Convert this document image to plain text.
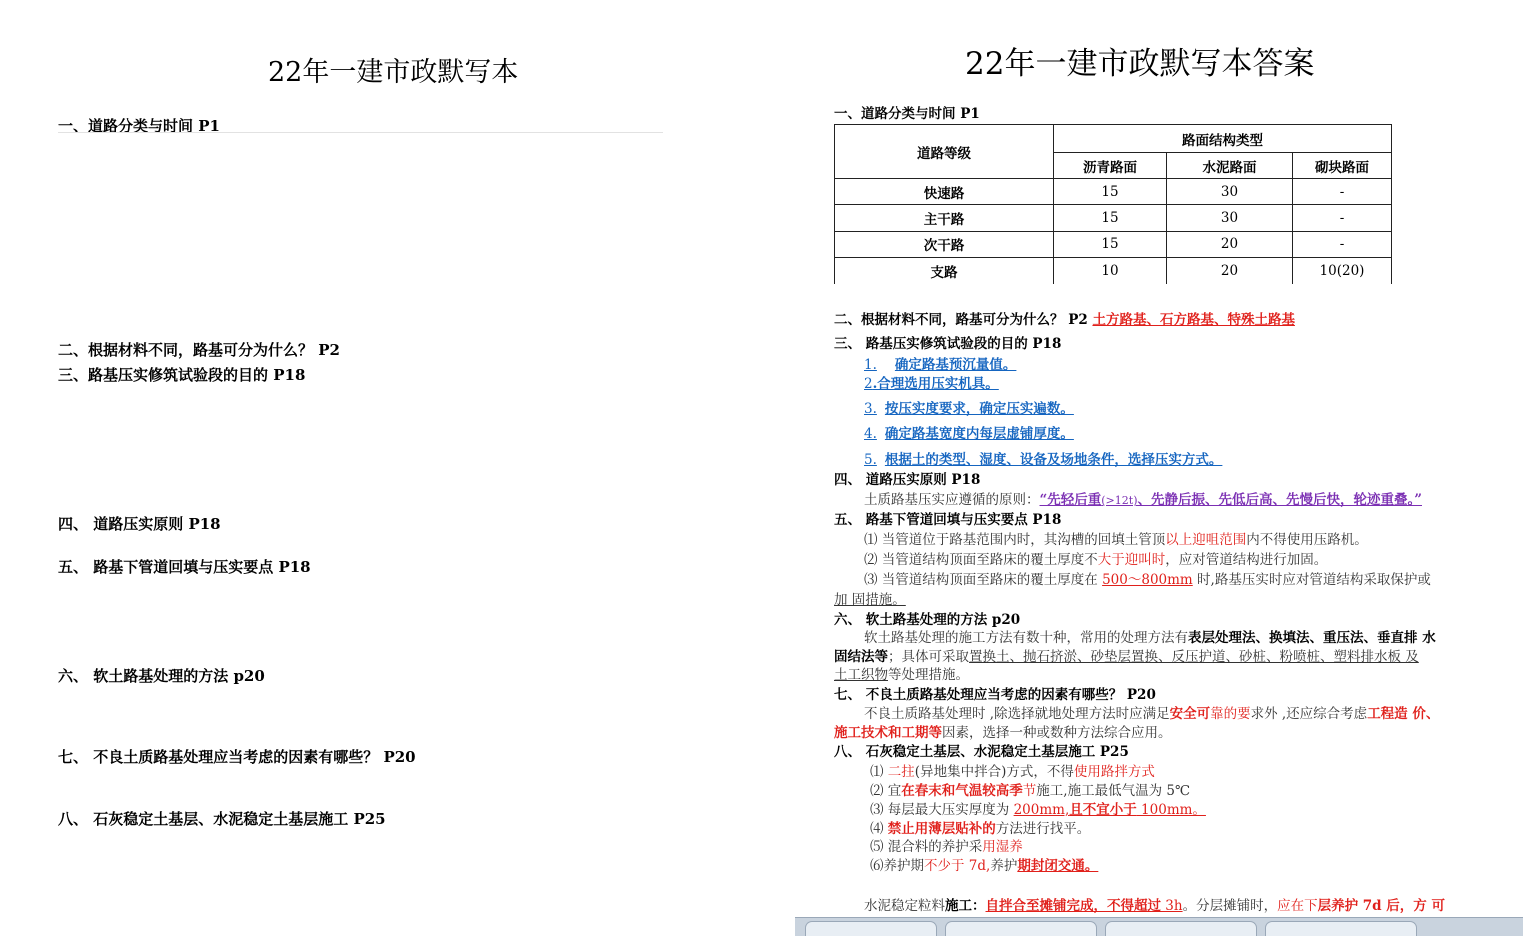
22年一建市政默写本
一、道路分类与时间 P1
二、根据材料不同，路基可分为什么？ P2
三、路基压实修筑试验段的目的 P18
四、 道路压实原则 P18
五、 路基下管道回填与压实要点 P18
六、 软土路基处理的方法 p20
七、 不良土质路基处理应当考虑的因素有哪些？ P20
八、 石灰稳定土基层、水泥稳定土基层施工 P25
22年一建市政默写本答案
一、道路分类与时间 P1
道路等级	路面结构类型		
	沥青路面	水泥路面	砌块路面
快速路	15	30	-
主干路	15	30	-
次干路	15	20	-
支路	10	20	10(20)
二、根据材料不同，路基可分为什么？ P2 土方路基、石方路基、特殊土路基
三、 路基压实修筑试验段的目的 P18
1. 确定路基预沉量值。
2.合理选用压实机具。
3. 按压实度要求，确定压实遍数。
4. 确定路基宽度内每层虚铺厚度。
5. 根据土的类型、湿度、设备及场地条件，选择压实方式。
四、 道路压实原则 P18
土质路基压实应遵循的原则：“先轻后重(>12t)、先静后振、先低后高、先慢后快，轮迹重叠。”
五、 路基下管道回填与压实要点 P18
⑴ 当管道位于路基范围内时，其沟槽的回填土管顶以上迎咀范围内不得使用压路机。
⑵ 当管道结构顶面至路床的覆土厚度不大于迎叫时，应对管道结构进行加固。
⑶ 当管道结构顶面至路床的覆土厚度在 500～800mm 时,路基压实时应对管道结构采取保护或
加 固措施。
六、 软土路基处理的方法 p20
软土路基处理的施工方法有数十种，常用的处理方法有表层处理法、换填法、重压法、垂直排 水
固结法等；具体可采取置换土、抛石挤淤、砂垫层置换、反压护道、砂桩、粉喷桩、塑料排水板 及
土工织物等处理措施。
七、 不良土质路基处理应当考虑的因素有哪些？ P20
不良土质路基处理时 ,除选择就地处理方法时应满足安全可靠的要求外 ,还应综合考虑工程造 价、
施工技术和工期等因素，选择一种或数种方法综合应用。
八、 石灰稳定土基层、水泥稳定土基层施工 P25
⑴ 二拄(异地集中拌合)方式，不得使用路拌方式
⑵ 宜在春末和气温较高季节施工,施工最低气温为 5℃
⑶ 每层最大压实厚度为 200mm,且不宜小于 100mm。
⑷ 禁止用薄层贴补的方法进行找平。
⑸ 混合料的养护采用湿养
⑹养护期不少于 7d,养护期封闭交通。
水泥稳定粒料施工：自拌合至摊铺完成，不得超过 3h。分层摊铺时，应在下层养护 7d 后，方 可
